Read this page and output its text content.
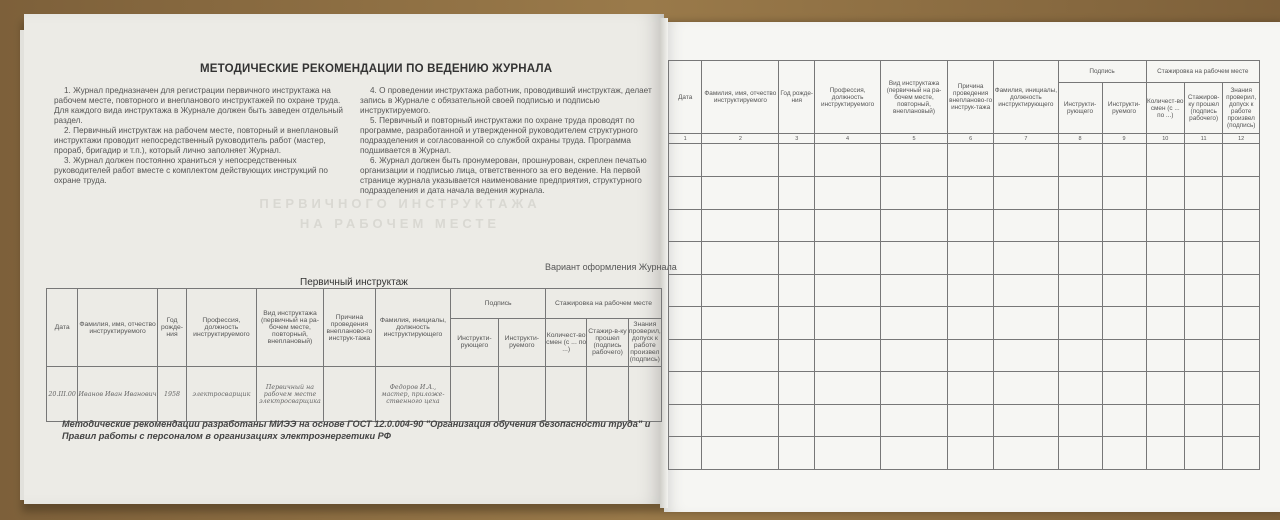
МЕТОДИЧЕСКИЕ РЕКОМЕНДАЦИИ ПО ВЕДЕНИЮ ЖУРНАЛА
1. Журнал предназначен для регистрации первичного инструктажа на рабочем месте, повторного и внепланового инструктажей по охране труда. Для каждого вида инструктажа в Журнале должен быть заведен отдельный раздел.
2. Первичный инструктаж на рабочем месте, повторный и внеплановый инструктажи проводит непосредственный руководитель работ (мастер, прораб, бригадир и т.п.), который лично заполняет Журнал.
3. Журнал должен постоянно храниться у непосредственных руководителей работ вместе с комплектом действующих инструкций по охране труда.
4. О проведении инструктажа работник, проводивший инструктаж, делает запись в Журнале с обязательной своей подписью и подписью инструктируемого.
5. Первичный и повторный инструктажи по охране труда проводят по программе, разработанной и утвержденной руководителем структурного подразделения и согласованной со службой охраны труда. Программа подшивается в Журнал.
6. Журнал должен быть пронумерован, прошнурован, скреплен печатью организации и подписью лица, ответственного за его ведение. На первой странице журнала указывается наименование предприятия, структурного подразделения и дата начала ведения журнала.
ПЕРВИЧНОГО ИНСТРУКТАЖА
НА РАБОЧЕМ МЕСТЕ
Вариант оформления Журнала
Первичный инструктаж
Дата	Фамилия, имя, отчество инструктируемого	Год рожде-ния	Профессия, должность инструктируемого	Вид инструктажа (первичный на ра-бочем месте, повторный, внеплановый)	Причина проведения внепланово-го инструк-тажа	Фамилия, инициалы, должность инструктирующего	Подпись		Стажировка на рабочем месте		
							Инструкти-рующего	Инструкти-руемого	Количест-во смен (с ... по ...)	Стажир-в-ку прошел (подпись рабочего)	Знания проверил, допуск к работе произвел (подпись)
20.III.00	Иванов Иван Иванович	1958	электросварщик	Первичный на рабочем месте электросварщика		Федоров И.А., мастер, приложе-ственного цеха					
Методические рекомендации разработаны МИЭЭ на основе ГОСТ 12.0.004-90 "Организация обучения безопасности труда" и Правил работы с персоналом в организациях электроэнергетики РФ
Дата	Фамилия, имя, отчество инструктируемого	Год рожде-ния	Профессия, должность инструктируемого	Вид инструктажа (первичный на ра-бочем месте, повторный, внеплановый)	Причина проведения внепланово-го инструк-тажа	Фамилия, инициалы, должность инструктирующего	Подпись		Стажировка на рабочем месте		
							Инструкти-рующего	Инструкти-руемого	Количест-во смен (с ... по ...)	Стажиров-ку прошел (подпись рабочего)	Знания проверил, допуск к работе произвел (подпись)
1	2	3	4	5	6	7	8	9	10	11	12
